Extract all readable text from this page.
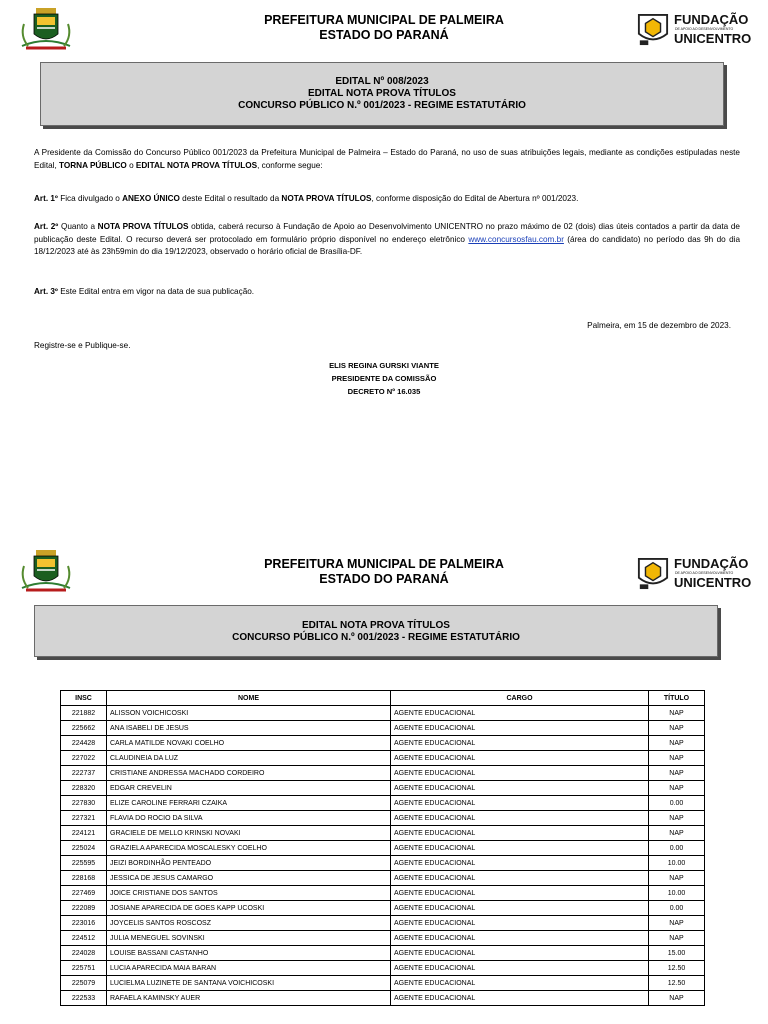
PREFEITURA MUNICIPAL DE PALMEIRA
ESTADO DO PARANÁ
FUNDAÇÃO
DE APOIO AO DESENVOLVIMENTO
UNICENTRO
EDITAL Nº 008/2023
EDITAL NOTA PROVA TÍTULOS
CONCURSO PÚBLICO N.º 001/2023 - REGIME ESTATUTÁRIO
A Presidente da Comissão do Concurso Público 001/2023 da Prefeitura Municipal de Palmeira – Estado do Paraná, no uso de suas atribuições legais, mediante as condições estipuladas neste Edital, TORNA PÚBLICO o EDITAL NOTA PROVA TÍTULOS, conforme segue:
Art. 1º Fica divulgado o ANEXO ÚNICO deste Edital o resultado da NOTA PROVA TÍTULOS, conforme disposição do Edital de Abertura nº 001/2023.
Art. 2º Quanto a NOTA PROVA TÍTULOS obtida, caberá recurso à Fundação de Apoio ao Desenvolvimento UNICENTRO no prazo máximo de 02 (dois) dias úteis contados a partir da data de publicação deste Edital. O recurso deverá ser protocolado em formulário próprio disponível no endereço eletrônico www.concursosfau.com.br (área do candidato) no período das 9h do dia 18/12/2023 até às 23h59min do dia 19/12/2023, observado o horário oficial de Brasília-DF.
Art. 3º Este Edital entra em vigor na data de sua publicação.
Palmeira, em 15 de dezembro de 2023.
Registre-se e Publique-se.
ELIS REGINA GURSKI VIANTE
PRESIDENTE DA COMISSÃO
DECRETO Nº 16.035
PREFEITURA MUNICIPAL DE PALMEIRA
ESTADO DO PARANÁ
FUNDAÇÃO
DE APOIO AO DESENVOLVIMENTO
UNICENTRO
EDITAL NOTA PROVA TÍTULOS
CONCURSO PÚBLICO N.º 001/2023 - REGIME ESTATUTÁRIO
INSC	NOME	CARGO	TÍTULO
221882	ALISSON VOICHICOSKI	AGENTE EDUCACIONAL	NAP
225662	ANA ISABELI DE JESUS	AGENTE EDUCACIONAL	NAP
224428	CARLA MATILDE NOVAKI COELHO	AGENTE EDUCACIONAL	NAP
227022	CLAUDINEIA DA LUZ	AGENTE EDUCACIONAL	NAP
222737	CRISTIANE ANDRESSA MACHADO CORDEIRO	AGENTE EDUCACIONAL	NAP
228320	EDGAR CREVELIN	AGENTE EDUCACIONAL	NAP
227830	ELIZE CAROLINE FERRARI CZAIKA	AGENTE EDUCACIONAL	0.00
227321	FLAVIA DO ROCIO DA SILVA	AGENTE EDUCACIONAL	NAP
224121	GRACIELE DE MELLO KRINSKI NOVAKI	AGENTE EDUCACIONAL	NAP
225024	GRAZIELA APARECIDA MOSCALESKY COELHO	AGENTE EDUCACIONAL	0.00
225595	JEIZI BORDINHÃO PENTEADO	AGENTE EDUCACIONAL	10.00
228168	JESSICA DE JESUS CAMARGO	AGENTE EDUCACIONAL	NAP
227469	JOICE CRISTIANE DOS SANTOS	AGENTE EDUCACIONAL	10.00
222089	JOSIANE APARECIDA DE GOES KAPP UCOSKI	AGENTE EDUCACIONAL	0.00
223016	JOYCELIS SANTOS ROSCOSZ	AGENTE EDUCACIONAL	NAP
224512	JULIA MENEGUEL SOVINSKI	AGENTE EDUCACIONAL	NAP
224028	LOUISE BASSANI CASTANHO	AGENTE EDUCACIONAL	15.00
225751	LUCIA APARECIDA MAIA BARAN	AGENTE EDUCACIONAL	12.50
225079	LUCIELMA LUZINETE DE SANTANA VOICHICOSKI	AGENTE EDUCACIONAL	12.50
222533	RAFAELA KAMINSKY AUER	AGENTE EDUCACIONAL	NAP
